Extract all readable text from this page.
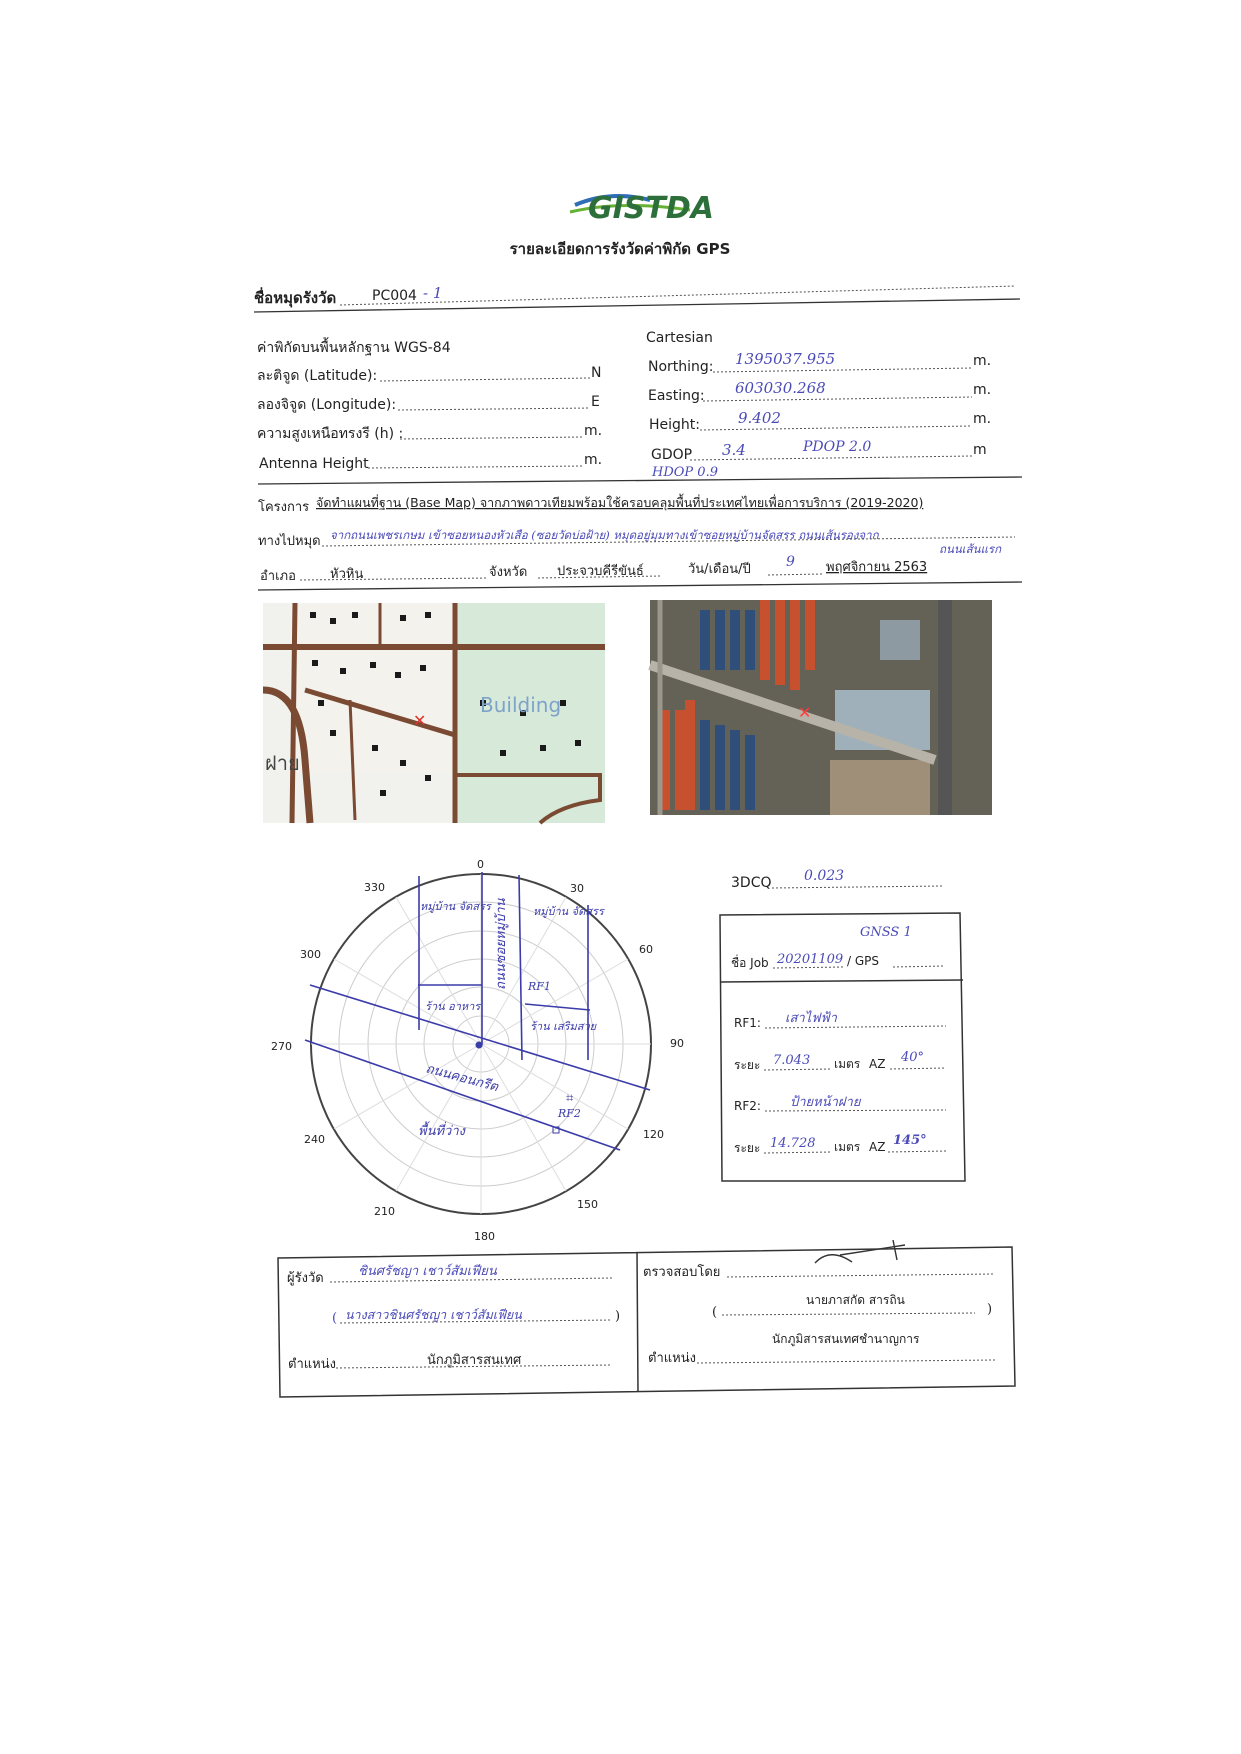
GISTDA
รายละเอียดการรังวัดค่าพิกัด GPS
ชื่อหมุดรังวัด	PC004 - 1
ค่าพิกัดบนพื้นหลักฐาน WGS-84
ละติจูด (Latitude):	N
ลองจิจูด (Longitude):	E
ความสูงเหนือทรงรี (h) :	m.
Antenna Height	m.
Cartesian
Northing: 1395037.955	m.
Easting: 603030.268	m.
Height:	9.402	m.
GDOP 3.4	PDOP 2.0	m
HDOP 0.9
โครงการ จัดทำแผนที่ฐาน (Base Map) จากภาพดาวเทียมพร้อมใช้ครอบคลุมพื้นที่ประเทศไทยเพื่อการบริการ (2019-2020)
ทางไปหมุด จากถนนเพชรเกษม เข้าซอยหนองหัวเสือ (ซอยวัดบ่อฝ้าย) หมุดอยู่มุมทางเข้าซอยหมู่บ้านจัดสรร ถนนเส้นรองจาก
ถนนเส้นแรก
อำเภอ	หัวหิน	จังหวัด ประจวบคีรีขันธ์	วัน/เดือน/ปี	9 พฤศจิกายน 2563
Building
ฝาย
✕	✕
0
30
60
90
120
150
180
210
240
270
300
330
หมู่บ้าน จัดสรร	หมู่บ้าน จัดสรร
RF1
ร้าน อาหาร
ร้าน เสริมสวย
ถนนคอนกรีต
RF2
พื้นที่ว่าง
ถนนซอยหมู่บ้าน
⌗
3DCQ 0.023
GNSS 1
ชื่อ Job 20201109 / GPS
RF1: เสาไฟฟ้า
ระยะ 7.043 เมตร AZ 40°
RF2: ป้ายหน้าฝาย
ระยะ 14.728 เมตร AZ 145°
ผู้รังวัด	ชินศรัชญา เชาว์สัมเฟียน
( นางสาวชินศรัชญา เชาว์สัมเฟียน	)
ตำแหน่ง	นักภูมิสารสนเทศ
ตรวจสอบโดย
นายภาสกัด สารถิน
(	)
นักภูมิสารสนเทศชำนาญการ
ตำแหน่ง
